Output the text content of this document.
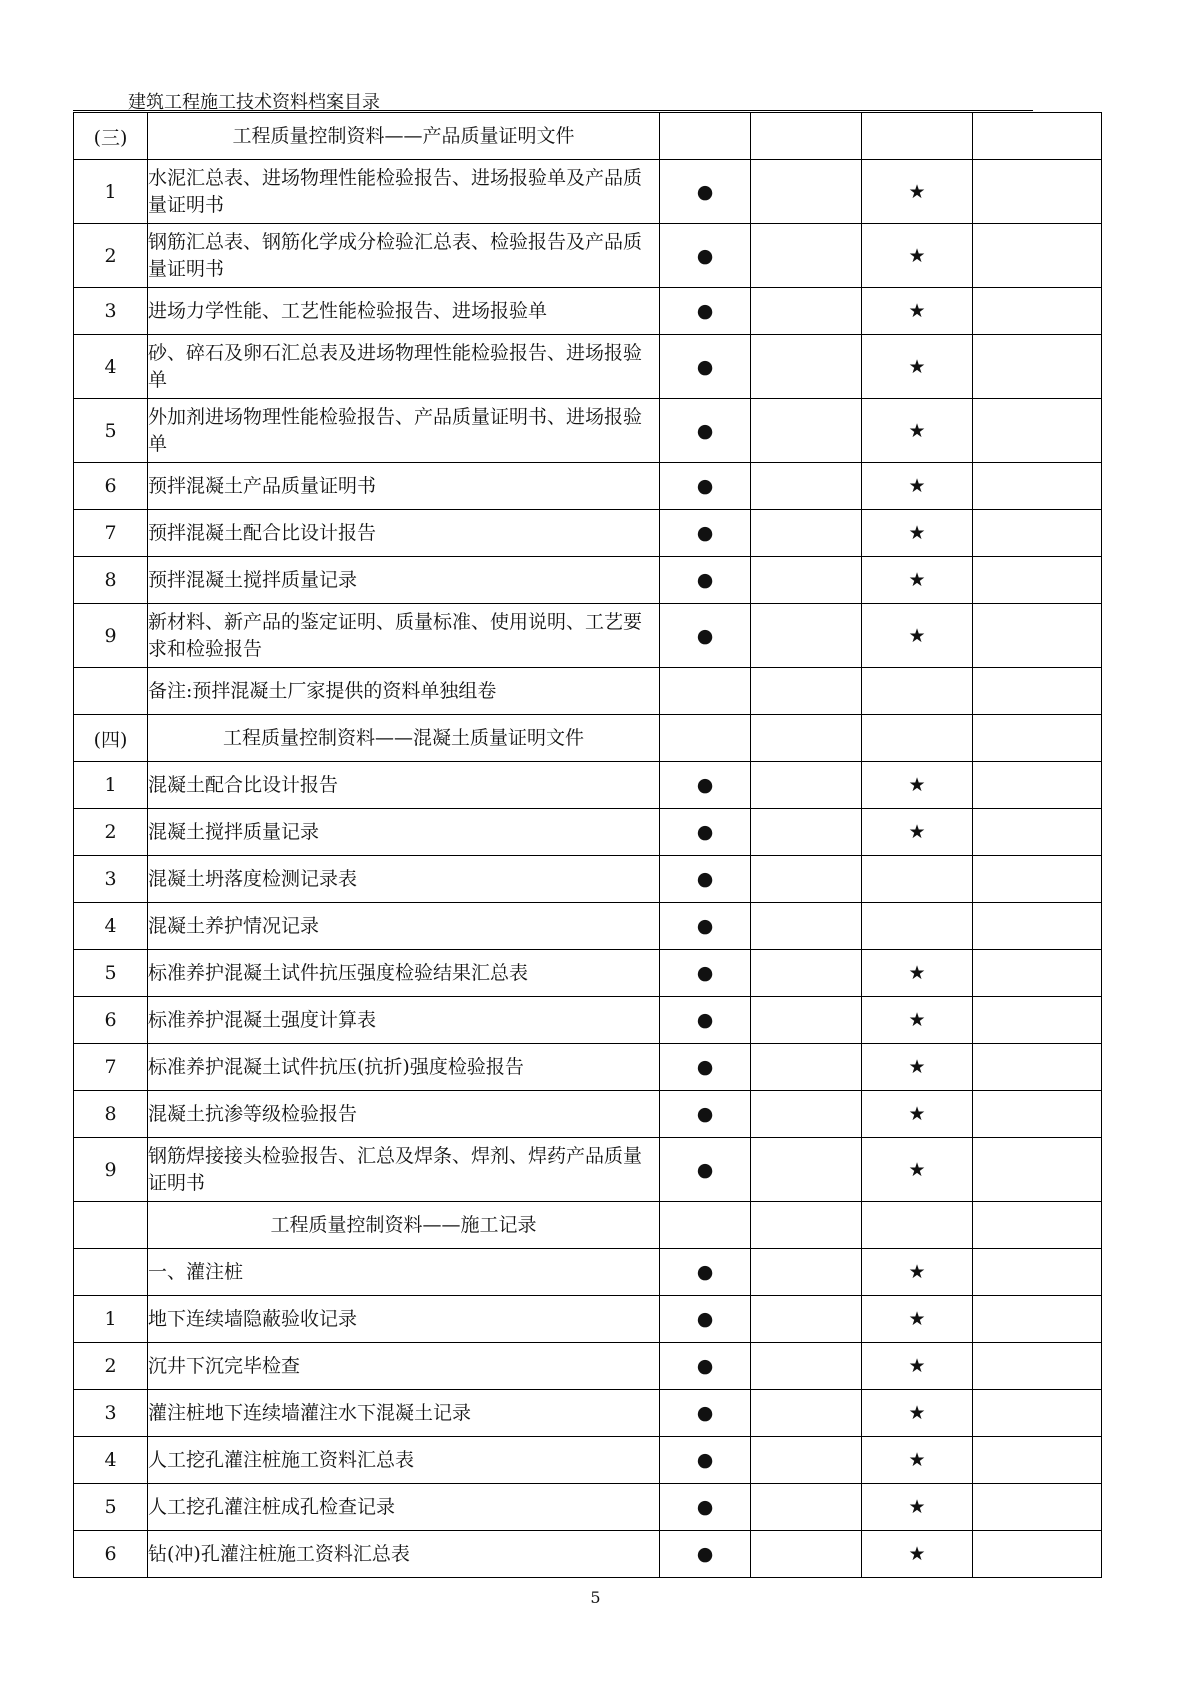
建筑工程施工技术资料档案目录
(三)	工程质量控制资料——产品质量证明文件				
1	水泥汇总表、进场物理性能检验报告、进场报验单及产品质量证明书	●		★	
2	钢筋汇总表、钢筋化学成分检验汇总表、检验报告及产品质量证明书	●		★	
3	进场力学性能、工艺性能检验报告、进场报验单	●		★	
4	砂、碎石及卵石汇总表及进场物理性能检验报告、进场报验单	●		★	
5	外加剂进场物理性能检验报告、产品质量证明书、进场报验单	●		★	
6	预拌混凝土产品质量证明书	●		★	
7	预拌混凝土配合比设计报告	●		★	
8	预拌混凝土搅拌质量记录	●		★	
9	新材料、新产品的鉴定证明、质量标准、使用说明、工艺要求和检验报告	●		★	
	备注:预拌混凝土厂家提供的资料单独组卷				
(四)	工程质量控制资料——混凝土质量证明文件				
1	混凝土配合比设计报告	●		★	
2	混凝土搅拌质量记录	●		★	
3	混凝土坍落度检测记录表	●			
4	混凝土养护情况记录	●			
5	标准养护混凝土试件抗压强度检验结果汇总表	●		★	
6	标准养护混凝土强度计算表	●		★	
7	标准养护混凝土试件抗压(抗折)强度检验报告	●		★	
8	混凝土抗渗等级检验报告	●		★	
9	钢筋焊接接头检验报告、汇总及焊条、焊剂、焊药产品质量证明书	●		★	
	工程质量控制资料——施工记录				
	一、灌注桩	●		★	
1	地下连续墙隐蔽验收记录	●		★	
2	沉井下沉完毕检查	●		★	
3	灌注桩地下连续墙灌注水下混凝土记录	●		★	
4	人工挖孔灌注桩施工资料汇总表	●		★	
5	人工挖孔灌注桩成孔检查记录	●		★	
6	钻(冲)孔灌注桩施工资料汇总表	●		★	
5
